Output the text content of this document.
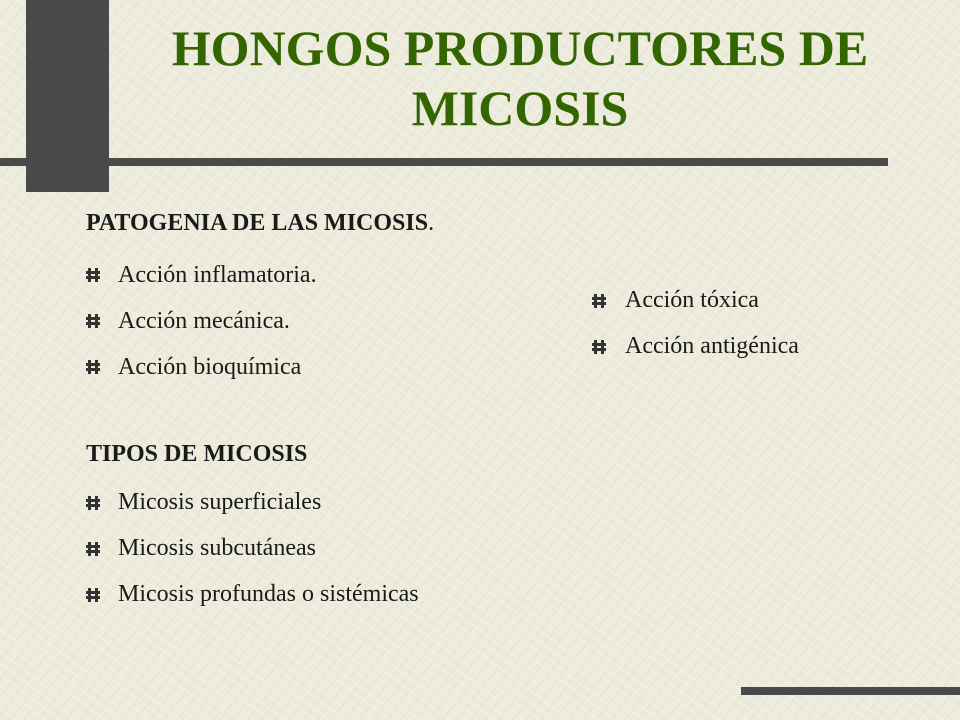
HONGOS PRODUCTORES DE
MICOSIS
PATOGENIA DE LAS MICOSIS.
Acción inflamatoria.
Acción mecánica.
Acción bioquímica
Acción tóxica
Acción antigénica
TIPOS DE MICOSIS
Micosis superficiales
Micosis subcutáneas
Micosis profundas o sistémicas
